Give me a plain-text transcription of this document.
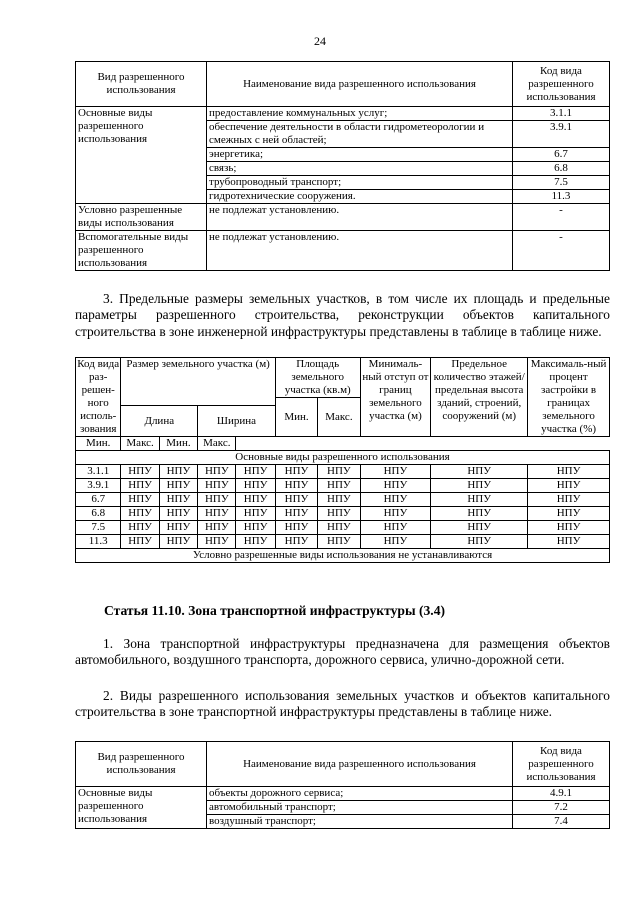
24
Вид разрешенного использования	Наименование вида разрешенного использования	Код вида разрешенного использования
Основные виды разрешенного использования	предоставление коммунальных услуг;	3.1.1
	обеспечение деятельности в области гидрометеорологии и смежных с ней областей;	3.9.1
	энергетика;	6.7
	связь;	6.8
	трубопроводный транспорт;	7.5
	гидротехнические сооружения.	11.3
Условно разрешенные виды использования	не подлежат установлению.	-
Вспомогательные виды разрешенного использования	не подлежат установлению.	-
3. Предельные размеры земельных участков, в том числе их площадь и предельные параметры разрешенного строительства, реконструкции объектов капитального строительства в зоне инженерной инфраструктуры представлены в таблице в таблице ниже.
Код вида раз-решен-ного исполь-зования	Размер земельного участка (м)				Площадь земельного участка (кв.м)		Минималь-ный отступ от границ земельного участка (м)	Предельное количество этажей/ предельная высота зданий, строений, сооружений (м)	Максималь-ный процент застройки в границах земельного участка (%)
					Мин.	Макс.			
	Длина		Ширина						
Мин.	Макс.	Мин.	Макс.						
Основные виды разрешенного использования									
3.1.1	НПУ	НПУ	НПУ	НПУ	НПУ	НПУ	НПУ	НПУ	НПУ
3.9.1	НПУ	НПУ	НПУ	НПУ	НПУ	НПУ	НПУ	НПУ	НПУ
6.7	НПУ	НПУ	НПУ	НПУ	НПУ	НПУ	НПУ	НПУ	НПУ
6.8	НПУ	НПУ	НПУ	НПУ	НПУ	НПУ	НПУ	НПУ	НПУ
7.5	НПУ	НПУ	НПУ	НПУ	НПУ	НПУ	НПУ	НПУ	НПУ
11.3	НПУ	НПУ	НПУ	НПУ	НПУ	НПУ	НПУ	НПУ	НПУ
Условно разрешенные виды использования не устанавливаются									
Статья 11.10. Зона транспортной инфраструктуры (3.4)
1. Зона транспортной инфраструктуры предназначена для размещения объектов автомобильного, воздушного транспорта, дорожного сервиса, улично-дорожной сети.
2. Виды разрешенного использования земельных участков и объектов капитального строительства в зоне транспортной инфраструктуры представлены в таблице ниже.
Вид разрешенного использования	Наименование вида разрешенного использования	Код вида разрешенного использования
Основные виды разрешенного использования	объекты дорожного сервиса;	4.9.1
	автомобильный транспорт;	7.2
	воздушный транспорт;	7.4
